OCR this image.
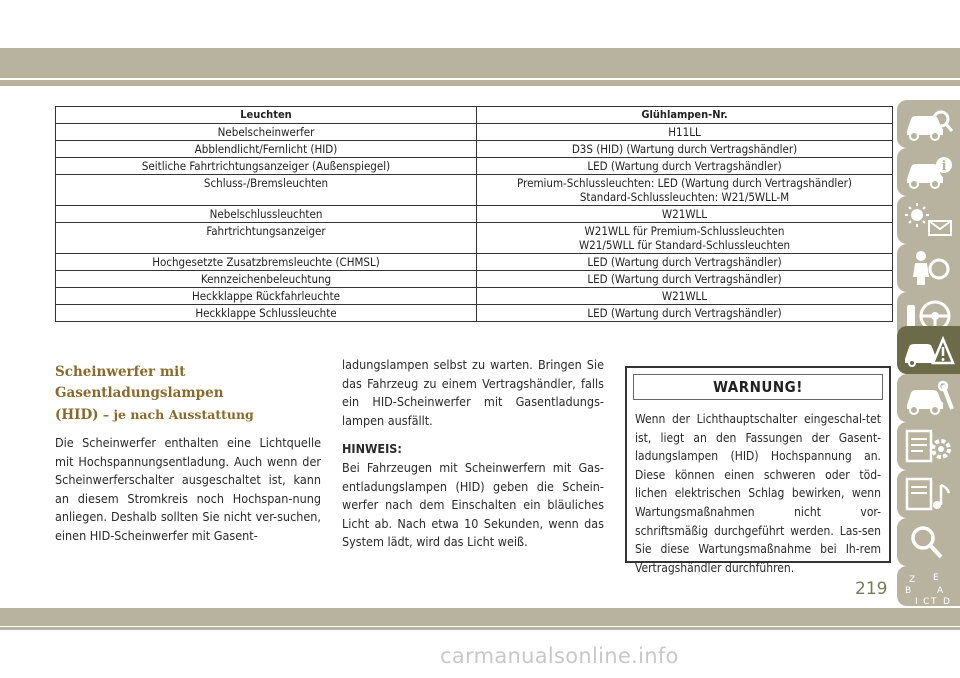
Leuchten	Glühlampen-Nr.
Nebelscheinwerfer	H11LL
Abblendlicht/Fernlicht (HID)	D3S (HID) (Wartung durch Vertragshändler)
Seitliche Fahrtrichtungsanzeiger (Außenspiegel)	LED (Wartung durch Vertragshändler)
Schluss-/Bremsleuchten	Premium-Schlussleuchten: LED (Wartung durch Vertragshändler)
Standard-Schlussleuchten: W21/5WLL-M
Nebelschlussleuchten	W21WLL
Fahrtrichtungsanzeiger	W21WLL für Premium-Schlussleuchten
W21/5WLL für Standard-Schlussleuchten
Hochgesetzte Zusatzbremsleuchte (CHMSL)	LED (Wartung durch Vertragshändler)
Kennzeichenbeleuchtung	LED (Wartung durch Vertragshändler)
Heckklappe Rückfahrleuchte	W21WLL
Heckklappe Schlussleuchte	LED (Wartung durch Vertragshändler)
Scheinwerfer mit Gasentladungslampen
(HID) – je nach Ausstattung
Die Scheinwerfer enthalten eine Lichtquelle mit Hochspannungsentladung. Auch wenn der Scheinwerferschalter ausgeschaltet ist, kann an diesem Stromkreis noch Hochspan-nung anliegen. Deshalb sollten Sie nicht ver-suchen, einen HID-Scheinwerfer mit Gasent-
ladungslampen selbst zu warten. Bringen Sie das Fahrzeug zu einem Vertragshändler, falls ein HID-Scheinwerfer mit Gasentladungs-lampen ausfällt.
HINWEIS:
Bei Fahrzeugen mit Scheinwerfern mit Gas-entladungslampen (HID) geben die Schein-werfer nach dem Einschalten ein bläuliches Licht ab. Nach etwa 10 Sekunden, wenn das System lädt, wird das Licht weiß.
WARNUNG!
Wenn der Lichthauptschalter eingeschal-tet ist, liegt an den Fassungen der Gasent-ladungslampen (HID) Hochspannung an. Diese können einen schweren oder töd-lichen elektrischen Schlag bewirken, wenn Wartungsmaßnahmen nicht vor-schriftsmäßig durchgeführt werden. Las-sen Sie diese Wartungsmaßnahme bei Ih-rem Vertragshändler durchführen.
i
Z E
B	A
I C T D
219
carmanualsonline.info
